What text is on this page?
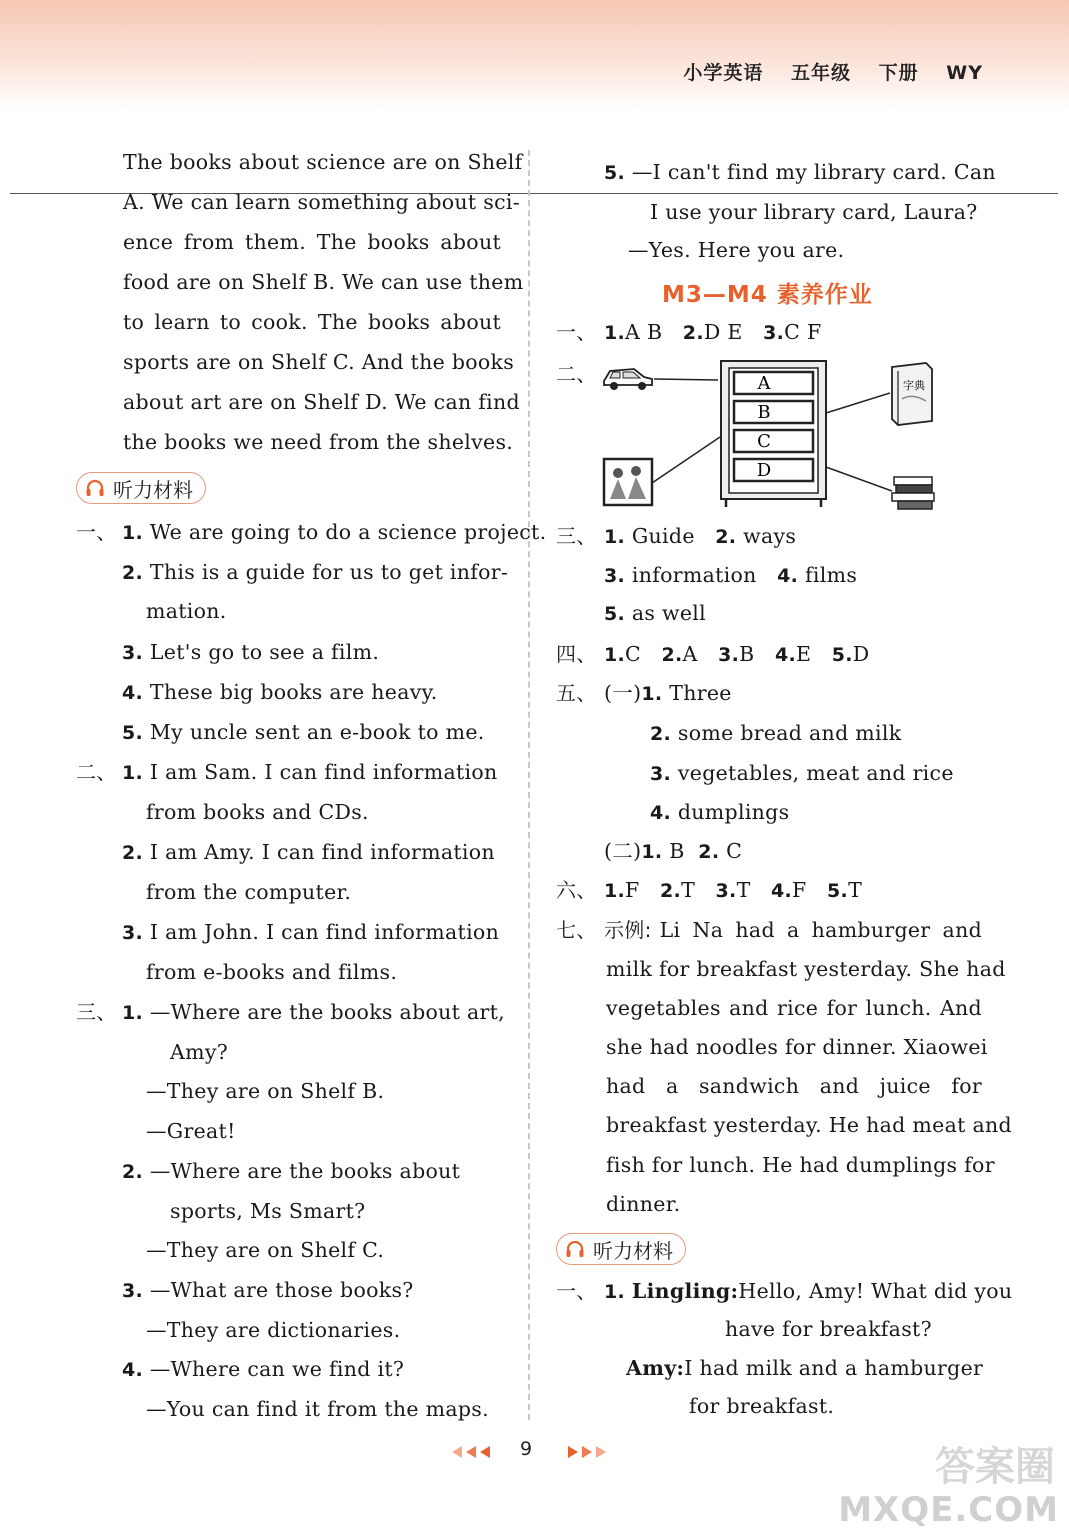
小学英语 五年级 下册 WY
The books about science are on Shelf
A. We can learn something about sci-
ence from them. The books about
food are on Shelf B. We can use them
to learn to cook. The books about
sports are on Shelf C. And the books
about art are on Shelf D. We can find
the books we need from the shelves.
听力材料
一、 1. We are going to do a science project.
2. This is a guide for us to get infor-
mation.
3. Let's go to see a film.
4. These big books are heavy.
5. My uncle sent an e-book to me.
二、 1. I am Sam. I can find information
from books and CDs.
2. I am Amy. I can find information
from the computer.
3. I am John. I can find information
from e-books and films.
三、 1. —Where are the books about art,
Amy?
—They are on Shelf B.
—Great!
2. —Where are the books about
sports, Ms Smart?
—They are on Shelf C.
3. —What are those books?
—They are dictionaries.
4. —Where can we find it?
—You can find it from the maps.
5. —I can't find my library card. Can
I use your library card, Laura?
—Yes. Here you are.
M3—M4 素养作业
一、 1.A B 2.D E 3.C F
二、	A
B
C
D
字典
三、 1. Guide 2. ways
3. information 4. films
5. as well
四、 1.C 2.A 3.B 4.E 5.D
五、 (一)1. Three
2. some bread and milk
3. vegetables, meat and rice
4. dumplings
(二)1. B 2. C
六、 1.F 2.T 3.T 4.F 5.T
七、 示例: Li Na had a hamburger and
milk for breakfast yesterday. She had
vegetables and rice for lunch. And
she had noodles for dinner. Xiaowei
had a sandwich and juice for
breakfast yesterday. He had meat and
fish for lunch. He had dumplings for
dinner.
听力材料
一、 1. Lingling:Hello, Amy! What did you
have for breakfast?
Amy:I had milk and a hamburger
for breakfast.
9	答案圈
MXQE.COM
